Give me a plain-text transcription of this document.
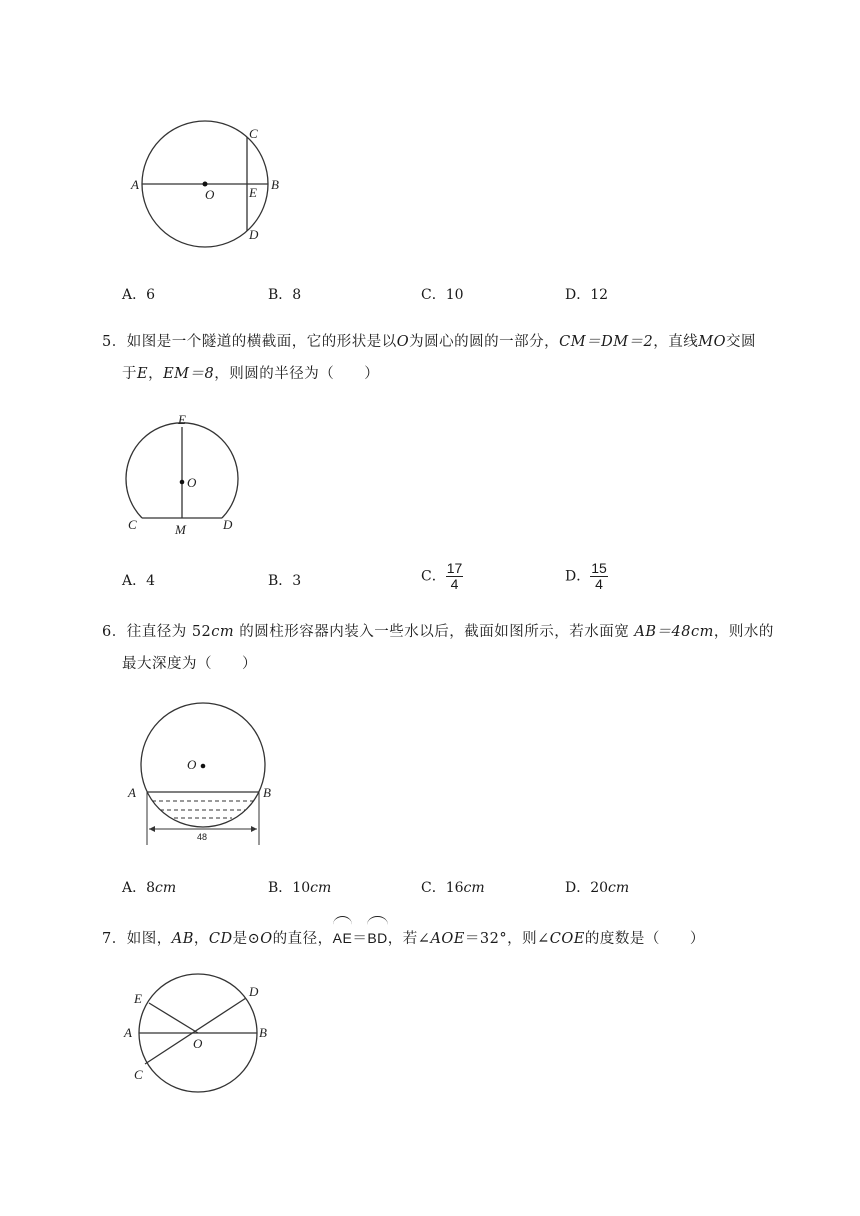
A
O	E
B
C
D
A．6	B．8	C．10	D．12
5．如图是一个隧道的横截面，它的形状是以O为圆心的圆的一部分，CM＝DM＝2，直线MO交圆
于E，EM＝8，则圆的半径为（　　）
E
O
C	M	D
A．4	B．3	C． $\frac{17}{4}$	D． $\frac{15}{4}$
6．往直径为 52cm 的圆柱形容器内装入一些水以后，截面如图所示，若水面宽 AB＝48cm，则水的
最大深度为（　　）
O
A	B
48
A．8cm	B．10cm	C．16cm	D．20cm
7．如图，AB，CD是⊙O的直径，AE＝BD，若∠AOE＝32°，则∠COE的度数是（　　）
E	D
A
O
B
C
